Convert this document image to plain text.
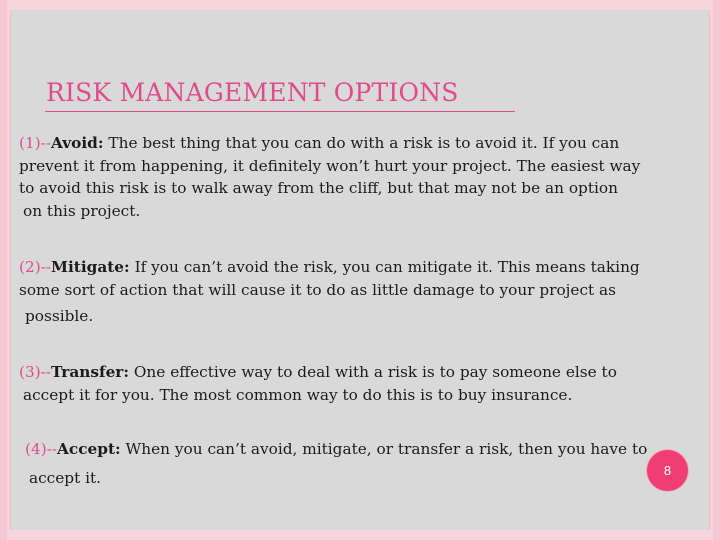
RISK MANAGEMENT OPTIONS
(1)--Avoid: The best thing that you can do with a risk is to avoid it. If you can
prevent it from happening, it definitely won’t hurt your project. The easiest way
to avoid this risk is to walk away from the cliff, but that may not be an option
on this project.
(2)--Mitigate: If you can’t avoid the risk, you can mitigate it. This means taking
some sort of action that will cause it to do as little damage to your project as
possible.
(3)--Transfer: One effective way to deal with a risk is to pay someone else to
accept it for you. The most common way to do this is to buy insurance.
(4)--Accept: When you can’t avoid, mitigate, or transfer a risk, then you have to
accept it.	8
